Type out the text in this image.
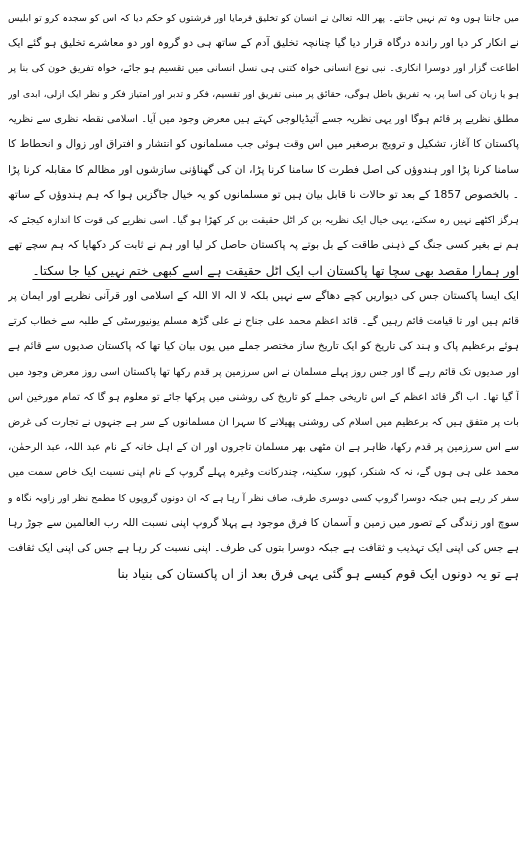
میں جانتا ہوں وہ تم نہیں جانتے۔ پھر اللہ تعالیٰ نے انسان کو تخلیق فرمایا اور فرشتوں کو حکم دیا کہ اس کو سجدہ کرو تو ابلیس
نے انکار کر دیا اور راندہ درگاہ قرار دیا گیا چنانچہ تخلیق آدم کے ساتھ ہی دو گروہ اور دو معاشرے تخلیق ہو گئے ایک
اطاعت گزار اور دوسرا انکاری۔ نبی نوع انسانی خواہ کتنی ہی نسل انسانی میں تقسیم ہو جائے، خواہ تفریق خون کی بنا پر
ہو یا زبان کی اسا پر، یہ تفریق باطل ہوگی، حقائق پر مبنی تفریق اور تقسیم، فکر و تدبر اور امتیاز فکر و نظر ایک ازلی، ابدی اور
مطلق نظریے پر قائم ہوگا اور یہی نظریہ جسے آئیڈیالوجی کہتے ہیں معرض وجود میں آیا۔ اسلامی نقطہ نظری سے نظریہ
پاکستان کا آغاز، تشکیل و ترویج برصغیر میں اس وقت ہوئی جب مسلمانوں کو انتشار و افتراق اور زوال و انحطاط کا
سامنا کرنا پڑا اور ہندوؤں کی اصل فطرت کا سامنا کرنا پڑا، ان کی گھناؤنی سازشوں اور مظالم کا مقابلہ کرنا پڑا
۔ بالخصوص 1857 کے بعد تو حالات نا قابل بیان ہیں تو مسلمانوں کو یہ خیال جاگزیں ہوا کہ ہم ہندوؤں کے ساتھ
ہرگز اکٹھے نہیں رہ سکتے، یہی خیال ایک نظریہ بن کر اٹل حقیقت بن کر کھڑا ہو گیا۔ اسی نظریے کی قوت کا اندازہ کیجئے کہ
ہم نے بغیر کسی جنگ کے ذہنی طاقت کے بل بوتے پہ پاکستان حاصل کر لیا اور ہم نے ثابت کر دکھایا کہ ہم سچے تھے
اور ہمارا مقصد بھی سچا تھا پاکستان اب ایک اٹل حقیقت ہے اسے کبھی ختم نہیں کیا جا سکتا۔
ایک ایسا پاکستان جس کی دیواریں کچے دھاگے سے نہیں بلکہ لا الہ الا اللہ کے اسلامی اور قرآنی نظریے اور ایمان پر
قائم ہیں اور تا قیامت قائم رہیں گے۔ قائد اعظم محمد علی جناح نے علی گڑھ مسلم یونیورسٹی کے طلبہ سے خطاب کرتے
ہوئے برعظیم پاک و ہند کی تاریخ کو ایک تاریخ ساز مختصر جملے میں یوں بیان کیا تھا کہ پاکستان صدیوں سے قائم ہے
اور صدیوں تک قائم رہے گا اور جس روز پہلے مسلمان نے اس سرزمین پر قدم رکھا تھا پاکستان اسی روز معرض وجود میں
آ گیا تھا۔ اب اگر قائد اعظم کے اس تاریخی جملے کو تاریخ کی روشنی میں پرکھا جائے تو معلوم ہو گا کہ تمام مورخین اس
بات پر متفق ہیں کہ برعظیم میں اسلام کی روشنی پھیلانے کا سہرا ان مسلمانوں کے سر ہے جنہوں نے تجارت کی غرض
سے اس سرزمین پر قدم رکھا، ظاہر ہے ان مٹھی بھر مسلمان تاجروں اور ان کے اہل خانہ کے نام عبد اللہ، عبد الرحمٰن،
محمد علی ہی ہوں گے، نہ کہ شنکر، کپور، سکینہ، چندرکانت وغیرہ پہلے گروپ کے نام اپنی نسبت ایک خاص سمت میں
سفر کر رہے ہیں جبکہ دوسرا گروپ کسی دوسری طرف، صاف نظر آ رہا ہے کہ ان دونوں گروپوں کا مطمح نظر اور زاویہ نگاہ و
سوچ اور زندگی کے تصور میں زمین و آسمان کا فرق موجود ہے پہلا گروپ اپنی نسبت اللہ رب العالمین سے جوڑ رہا
ہے جس کی اپنی ایک تہذیب و ثقافت ہے جبکہ دوسرا بتوں کی طرف۔ اپنی نسبت کر رہا ہے جس کی اپنی ایک ثقافت
ہے تو یہ دونوں ایک قوم کیسے ہو گئی یہی فرق بعد از اں پاکستان کی بنیاد بنا
